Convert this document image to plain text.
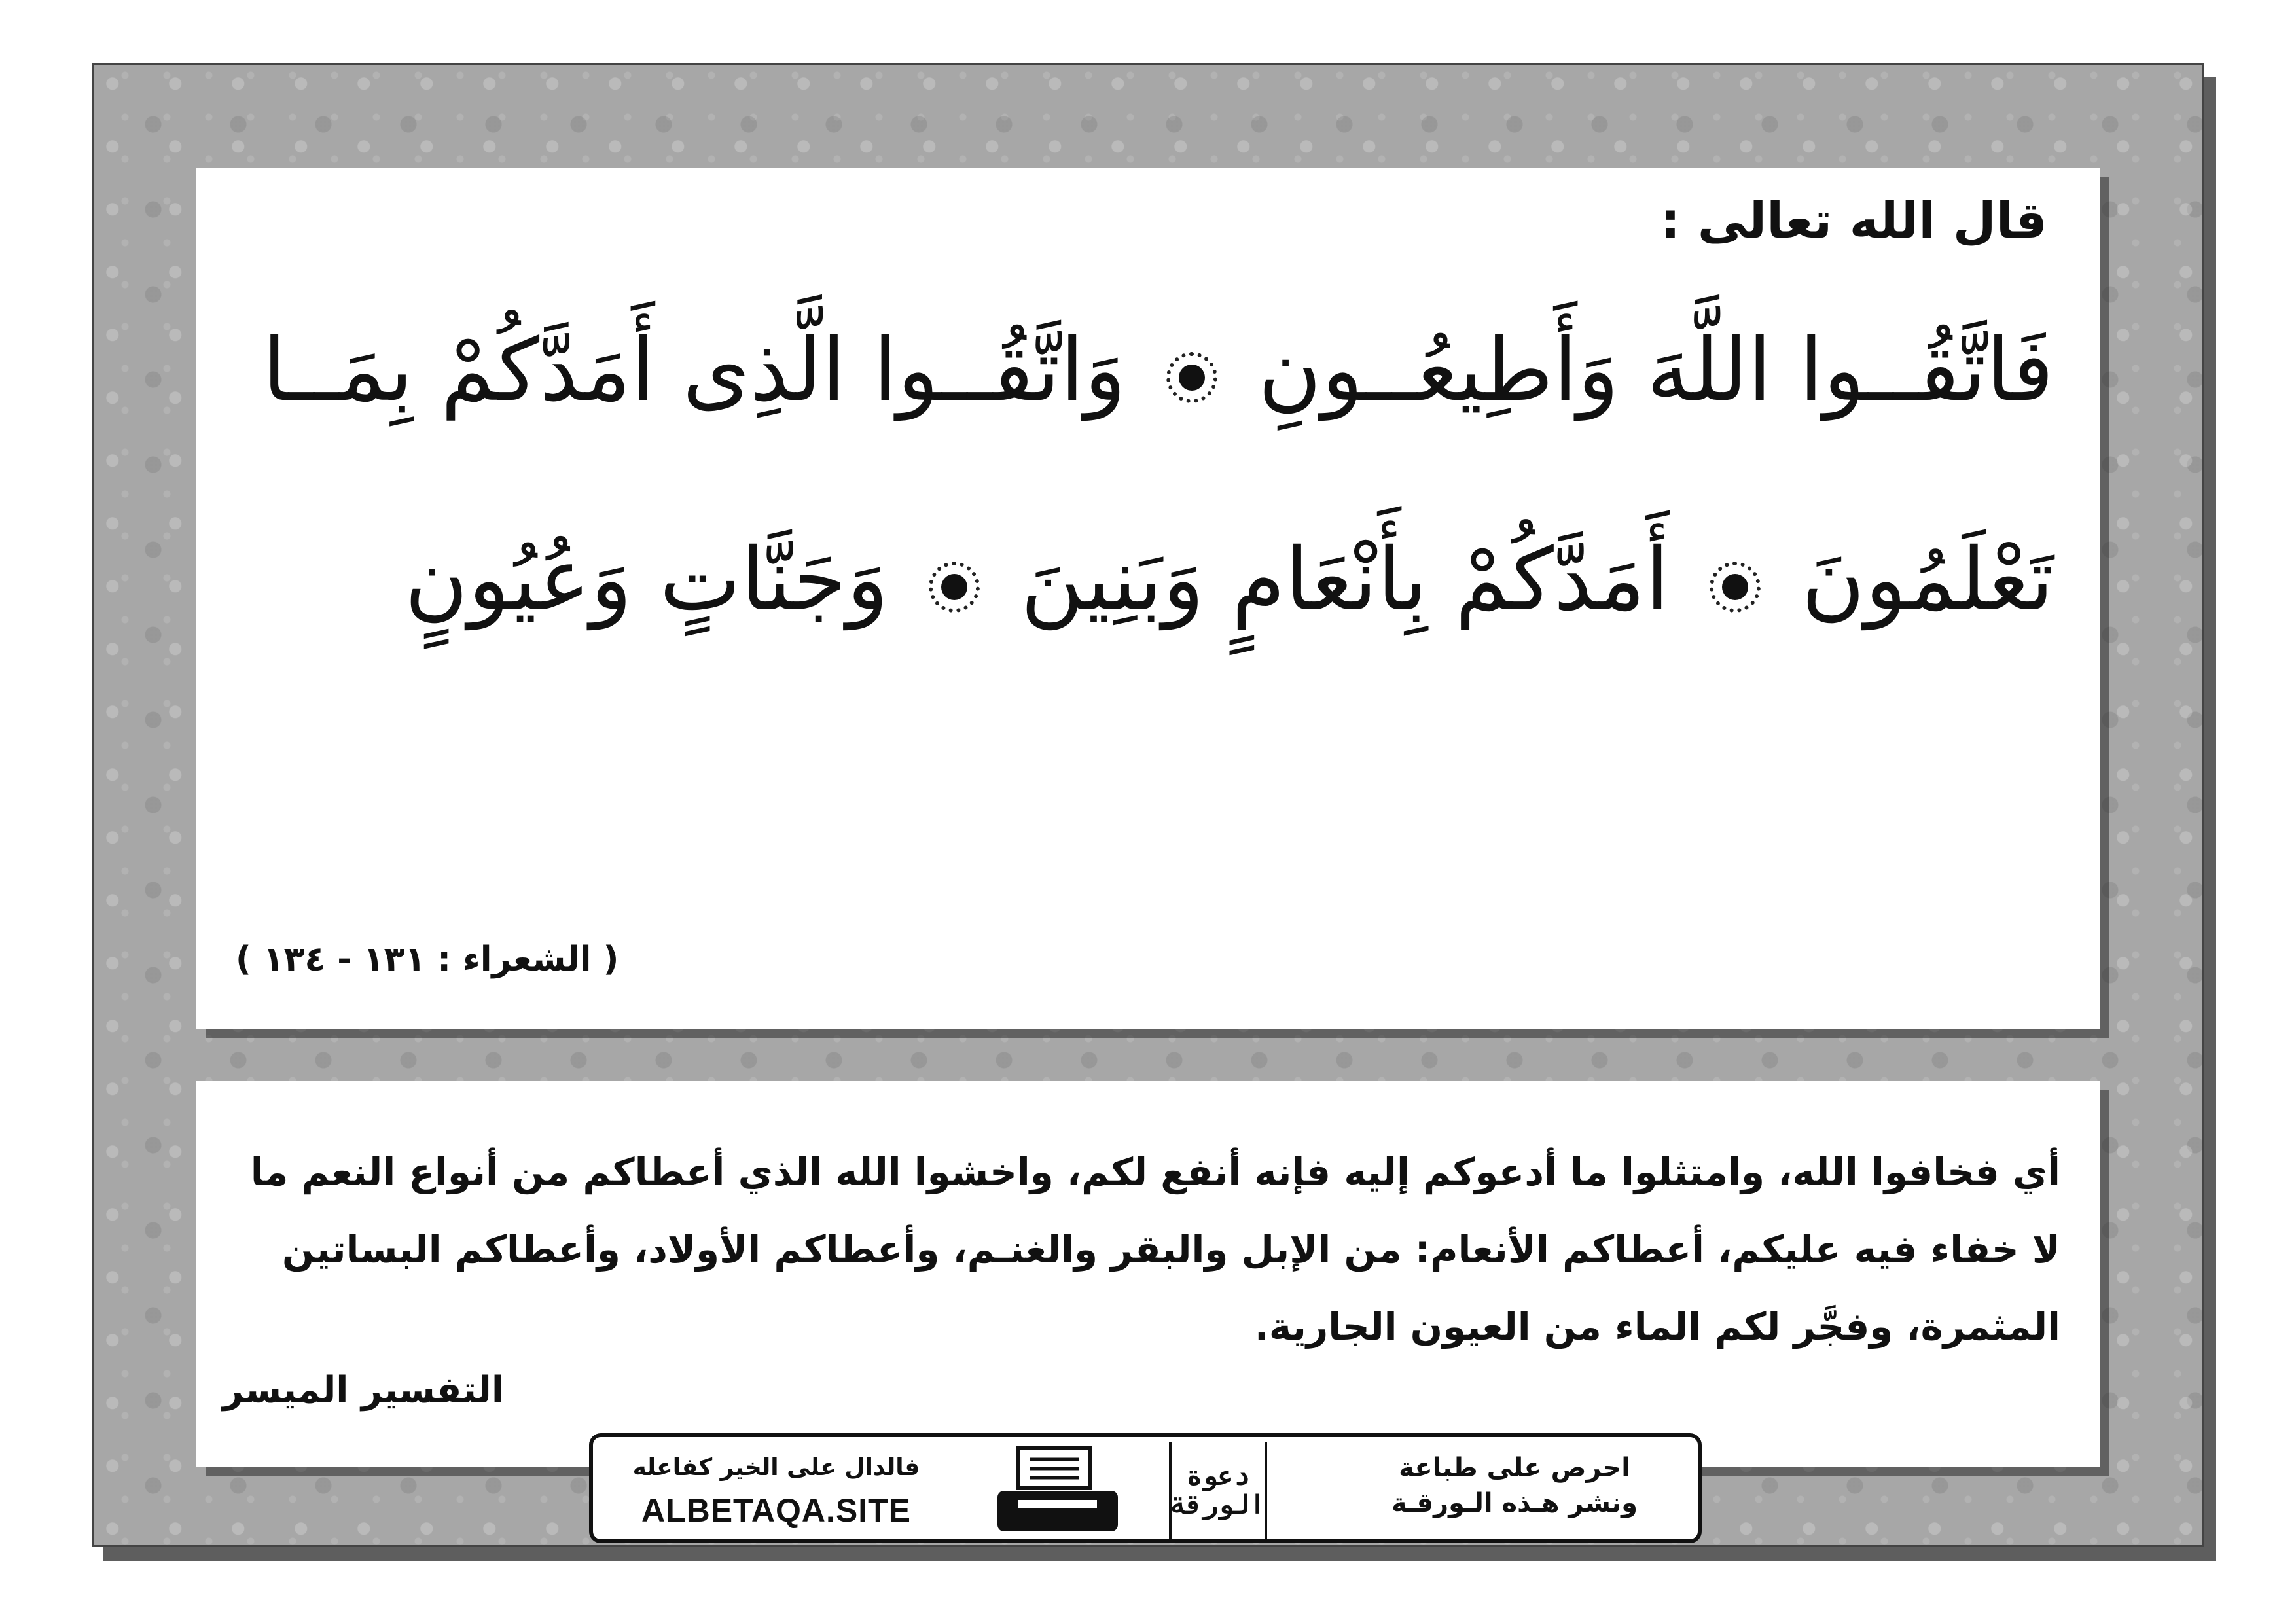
قال الله تعالى :

فَاتَّقُــوا اللَّهَ وَأَطِيعُــونِ  وَاتَّقُــوا الَّذِى أَمَدَّكُمْ بِمَــا تَعْلَمُونَ  أَمَدَّكُمْ بِأَنْعَامٍ وَبَنِينَ  وَجَنَّاتٍ وَعُيُونٍ

( الشعراء : ١٣١ - ١٣٤ )

أي فخافوا الله، وامتثلوا ما أدعوكم إليه فإنه أنفع لكم، واخشوا الله الذي أعطاكم من أنواع النعم ما لا خفاء فيه عليكم، أعطاكم الأنعام: من الإبل والبقر والغنـم، وأعطاكم الأولاد، وأعطاكم البساتين المثمرة، وفجَّر لكم الماء من العيون الجارية.

التفسير الميسر

فالدال على الخير كفاعله
ALBETAQA.SITE
دعوة
الورقة
احرص على طباعة
ونشر هـذه الـورقـة
